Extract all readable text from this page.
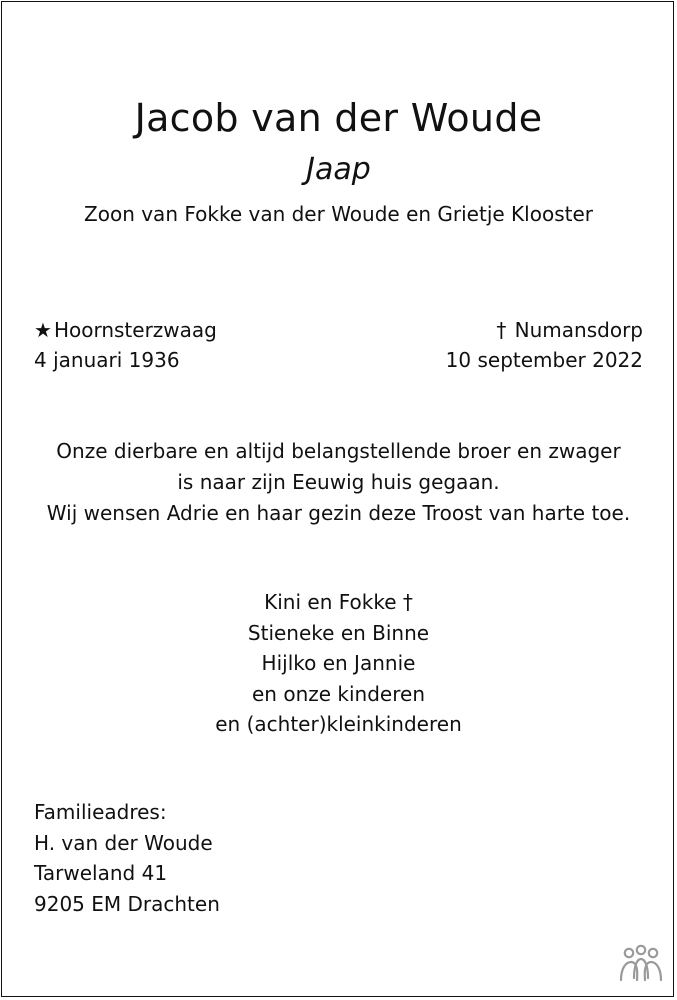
Jacob van der Woude
Jaap
Zoon van Fokke van der Woude en Grietje Klooster
★ Hoornsterzwaag
4 januari 1936
† Numansdorp
10 september 2022
Onze dierbare en altijd belangstellende broer en zwager
is naar zijn Eeuwig huis gegaan.
Wij wensen Adrie en haar gezin deze Troost van harte toe.
Kini en Fokke †
Stieneke en Binne
Hijlko en Jannie
en onze kinderen
en (achter)kleinkinderen
Familieadres:
H. van der Woude
Tarweland 41
9205 EM Drachten
